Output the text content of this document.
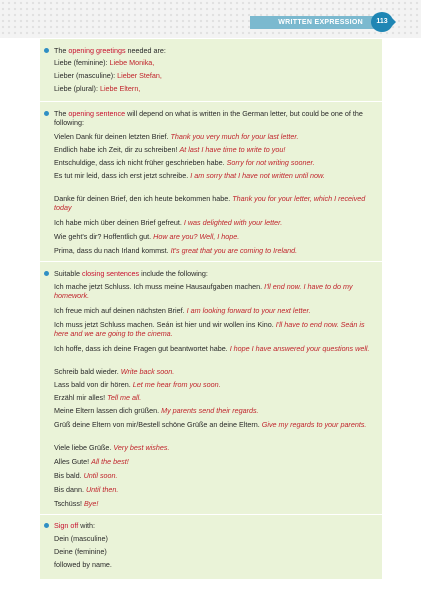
WRITTEN EXPRESSION	113

The opening greetings needed are:

Liebe (feminine): Liebe Monika,

Lieber (masculine): Lieber Stefan,

Liebe (plural): Liebe Eltern,

The opening sentence will depend on what is written in the German letter, but could be one of the following:

Vielen Dank für deinen letzten Brief. Thank you very much for your last letter.

Endlich habe ich Zeit, dir zu schreiben! At last I have time to write to you!

Entschuldige, dass ich nicht früher geschrieben habe. Sorry for not writing sooner.

Es tut mir leid, dass ich erst jetzt schreibe. I am sorry that I have not written until now.

Danke für deinen Brief, den ich heute bekommen habe. Thank you for your letter, which I received today

Ich habe mich über deinen Brief gefreut. I was delighted with your letter.

Wie geht's dir? Hoffentlich gut. How are you? Well, I hope.

Prima, dass du nach Irland kommst. It's great that you are coming to Ireland.

Suitable closing sentences include the following:

Ich mache jetzt Schluss. Ich muss meine Hausaufgaben machen. I'll end now. I have to do my homework.

Ich freue mich auf deinen nächsten Brief. I am looking forward to your next letter.

Ich muss jetzt Schluss machen. Seán ist hier und wir wollen ins Kino. I'll have to end now. Seán is here and we are going to the cinema.

Ich hoffe, dass ich deine Fragen gut beantwortet habe. I hope I have answered your questions well.

Schreib bald wieder. Write back soon.

Lass bald von dir hören. Let me hear from you soon.

Erzähl mir alles! Tell me all.

Meine Eltern lassen dich grüßen. My parents send their regards.

Grüß deine Eltern von mir/Bestell schöne Grüße an deine Eltern. Give my regards to your parents.

Viele liebe Grüße. Very best wishes.

Alles Gute! All the best!

Bis bald. Until soon.

Bis dann. Until then.

Tschüss! Bye!

Sign off with:

Dein (masculine)

Deine (feminine)

followed by name.
